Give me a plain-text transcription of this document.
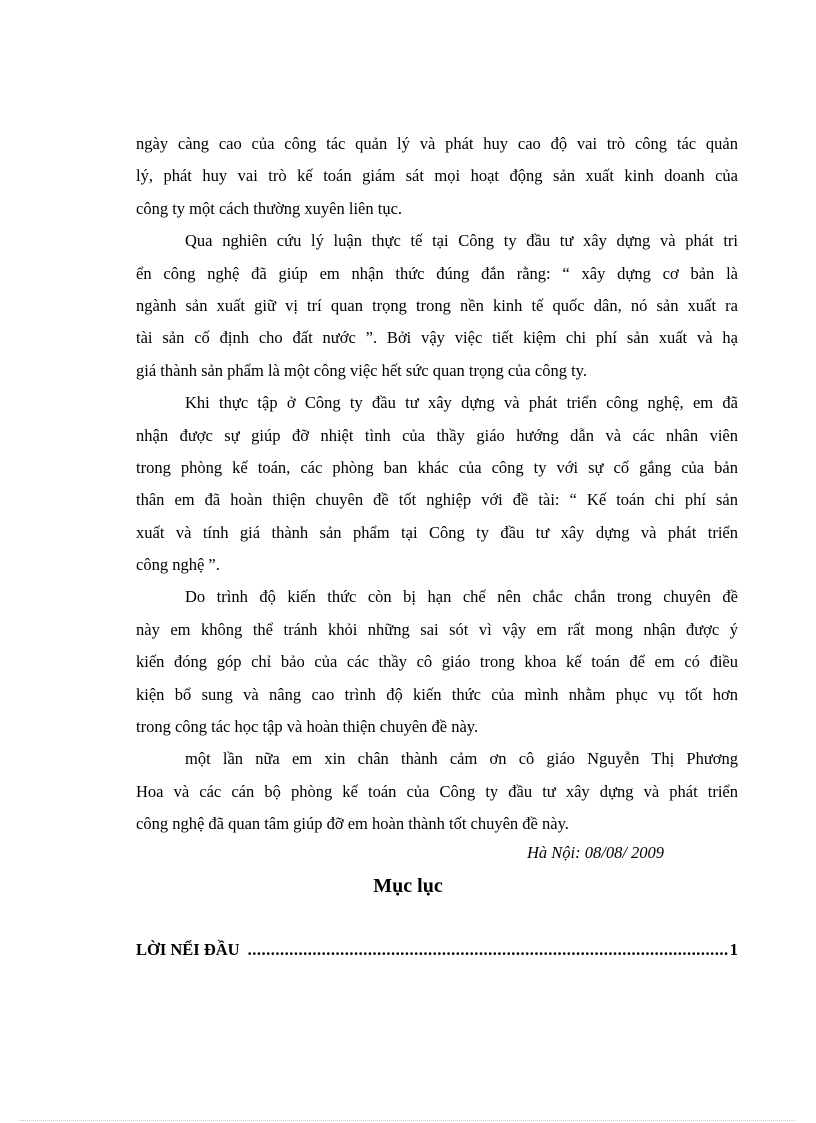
ngày càng cao của công tác quản lý và phát huy cao độ vai trò công tác quản
lý, phát huy vai trò kế toán giám sát mọi hoạt động sản xuất kinh doanh của
công ty một cách thường xuyên liên tục.
Qua nghiên cứu lý luận thực tế tại Công ty đầu tư xây dựng và phát tri
ển công nghệ đã giúp em nhận thức đúng đắn rằng: “ xây dựng cơ bản là
ngành sản xuất giữ vị trí quan trọng trong nền kinh tế quốc dân, nó sản xuất ra
tài sản cố định cho đất nước ”. Bởi vậy việc tiết kiệm chi phí sản xuất và hạ
giá thành sản phẩm là một công việc hết sức quan trọng của công ty.
Khi thực tập ở Công ty đầu tư xây dựng và phát triển công nghệ, em đã
nhận được sự giúp đỡ nhiệt tình của thầy giáo hướng dẫn và các nhân viên
trong phòng kế toán, các phòng ban khác của công ty với sự cố gắng của bản
thân em đã hoàn thiện chuyên đề tốt nghiệp với đề tài: “ Kế toán chi phí sản
xuất và tính giá thành sản phẩm tại Công ty đầu tư xây dựng và phát triển
công nghệ ”.
Do trình độ kiến thức còn bị hạn chế nên chắc chắn trong chuyên đề
này em không thể tránh khỏi những sai sót vì vậy em rất mong nhận được ý
kiến đóng góp chỉ bảo của các thầy cô giáo trong khoa kế toán để em có điều
kiện bổ sung và nâng cao trình độ kiến thức của mình nhằm phục vụ tốt hơn
trong công tác học tập và hoàn thiện chuyên đề này.
một lần nữa em xin chân thành cảm ơn cô giáo Nguyễn Thị Phương
Hoa và các cán bộ phòng kế toán của Công ty đầu tư xây dựng và phát triển
công nghệ đã quan tâm giúp đỡ em hoàn thành tốt chuyên đề này.
Hà Nội: 08/08/ 2009
Mục lục
LỜI NỂI ĐẦU
.....	1
